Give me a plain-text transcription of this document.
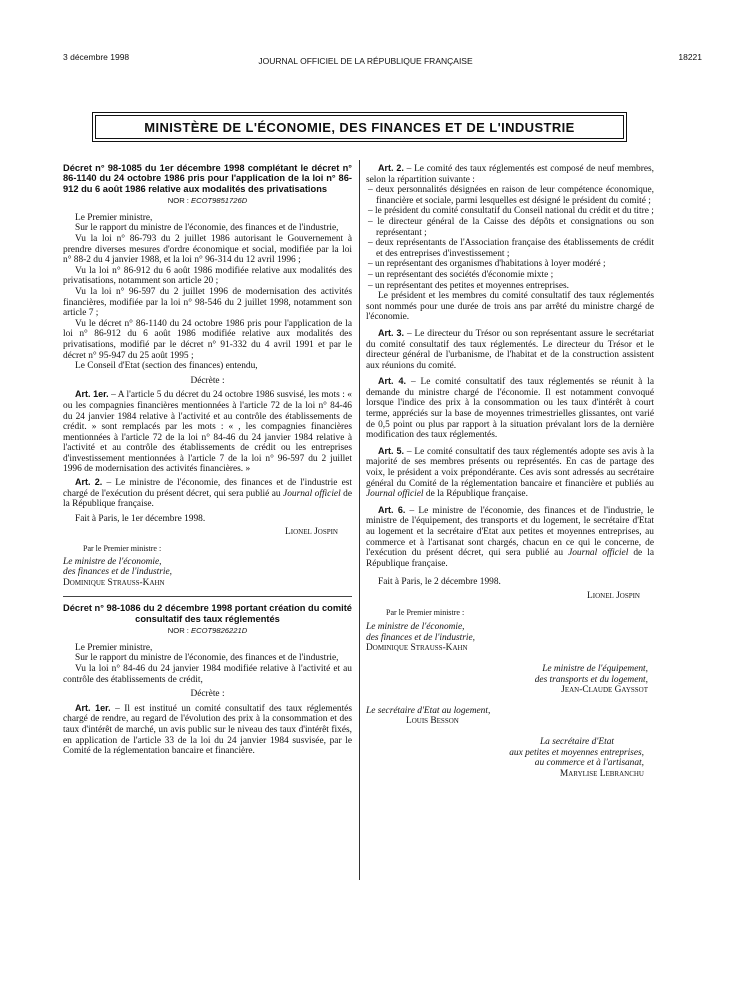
3 décembre 1998	JOURNAL OFFICIEL DE LA RÉPUBLIQUE FRANÇAISE	18221
MINISTÈRE DE L'ÉCONOMIE, DES FINANCES ET DE L'INDUSTRIE
Décret n° 98-1085 du 1er décembre 1998 complétant le décret n° 86-1140 du 24 octobre 1986 pris pour l'application de la loi n° 86-912 du 6 août 1986 relative aux modalités des privatisations
NOR : ECOT9851726D

Le Premier ministre,

Sur le rapport du ministre de l'économie, des finances et de l'industrie,

Vu la loi n° 86-793 du 2 juillet 1986 autorisant le Gouvernement à prendre diverses mesures d'ordre économique et social, modifiée par la loi n° 88-2 du 4 janvier 1988, et la loi n° 96-314 du 12 avril 1996 ;

Vu la loi n° 86-912 du 6 août 1986 modifiée relative aux modalités des privatisations, notamment son article 20 ;

Vu la loi n° 96-597 du 2 juillet 1996 de modernisation des activités financières, modifiée par la loi n° 98-546 du 2 juillet 1998, notamment son article 7 ;

Vu le décret n° 86-1140 du 24 octobre 1986 pris pour l'application de la loi n° 86-912 du 6 août 1986 modifiée relative aux modalités des privatisations, modifié par le décret n° 91-332 du 4 avril 1991 et par le décret n° 95-947 du 25 août 1995 ;

Le Conseil d'Etat (section des finances) entendu,

Décrète :

Art. 1er. – A l'article 5 du décret du 24 octobre 1986 susvisé, les mots : « ou les compagnies financières mentionnées à l'article 72 de la loi n° 84-46 du 24 janvier 1984 relative à l'activité et au contrôle des établissements de crédit. » sont remplacés par les mots : « , les compagnies financières mentionnées à l'article 72 de la loi n° 84-46 du 24 janvier 1984 relative à l'activité et au contrôle des établissements de crédit ou les entreprises d'investissement mentionnées à l'article 7 de la loi n° 96-597 du 2 juillet 1996 de modernisation des activités financières. »

Art. 2. – Le ministre de l'économie, des finances et de l'industrie est chargé de l'exécution du présent décret, qui sera publié au Journal officiel de la République française.

Fait à Paris, le 1er décembre 1998.

Lionel Jospin

Par le Premier ministre :

Le ministre de l'économie,
des finances et de l'industrie,
Dominique Strauss-Kahn
Décret n° 98-1086 du 2 décembre 1998 portant création du comité consultatif des taux réglementés
NOR : ECOT9826221D

Le Premier ministre,

Sur le rapport du ministre de l'économie, des finances et de l'industrie,

Vu la loi n° 84-46 du 24 janvier 1984 modifiée relative à l'activité et au contrôle des établissements de crédit,

Décrète :

Art. 1er. – Il est institué un comité consultatif des taux réglementés chargé de rendre, au regard de l'évolution des prix à la consommation et des taux d'intérêt de marché, un avis public sur le niveau des taux d'intérêt fixés, en application de l'article 33 de la loi du 24 janvier 1984 susvisée, par le Comité de la réglementation bancaire et financière.

Art. 2. – Le comité des taux réglementés est composé de neuf membres, selon la répartition suivante :

– deux personnalités désignées en raison de leur compétence économique, financière et sociale, parmi lesquelles est désigné le président du comité ;
– le président du comité consultatif du Conseil national du crédit et du titre ;
– le directeur général de la Caisse des dépôts et consignations ou son représentant ;
– deux représentants de l'Association française des établissements de crédit et des entreprises d'investissement ;
– un représentant des organismes d'habitations à loyer modéré ;
– un représentant des sociétés d'économie mixte ;
– un représentant des petites et moyennes entreprises.

Le président et les membres du comité consultatif des taux réglementés sont nommés pour une durée de trois ans par arrêté du ministre chargé de l'économie.

Art. 3. – Le directeur du Trésor ou son représentant assure le secrétariat du comité consultatif des taux réglementés. Le directeur du Trésor et le directeur général de l'urbanisme, de l'habitat et de la construction assistent aux réunions du comité.

Art. 4. – Le comité consultatif des taux réglementés se réunit à la demande du ministre chargé de l'économie. Il est notamment convoqué lorsque l'indice des prix à la consommation ou les taux d'intérêt à court terme, appréciés sur la base de moyennes trimestrielles glissantes, ont varié de 0,5 point ou plus par rapport à la situation prévalant lors de la dernière modification des taux réglementés.

Art. 5. – Le comité consultatif des taux réglementés adopte ses avis à la majorité de ses membres présents ou représentés. En cas de partage des voix, le président a voix prépondérante. Ces avis sont adressés au secrétaire général du Comité de la réglementation bancaire et financière et publiés au Journal officiel de la République française.

Art. 6. – Le ministre de l'économie, des finances et de l'industrie, le ministre de l'équipement, des transports et du logement, le secrétaire d'Etat au logement et la secrétaire d'Etat aux petites et moyennes entreprises, au commerce et à l'artisanat sont chargés, chacun en ce qui le concerne, de l'exécution du présent décret, qui sera publié au Journal officiel de la République française.

Fait à Paris, le 2 décembre 1998.

Lionel Jospin

Par le Premier ministre :

Le ministre de l'économie,
des finances et de l'industrie,
Dominique Strauss-Kahn
Le ministre de l'équipement,
des transports et du logement,
Jean-Claude Gayssot
Le secrétaire d'Etat au logement,
Louis Besson
La secrétaire d'Etat
aux petites et moyennes entreprises,
au commerce et à l'artisanat,
Marylise Lebranchu
